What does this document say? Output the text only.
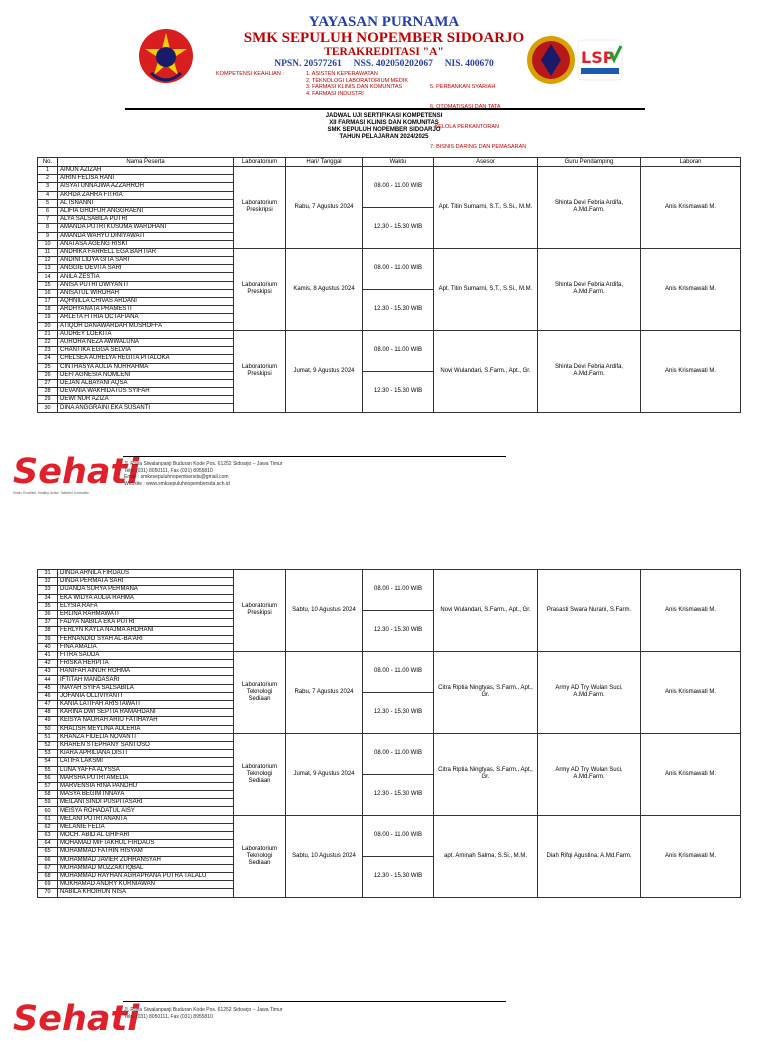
LSP
YAYASAN PURNAMA
SMK SEPULUH NOPEMBER SIDOARJO
TERAKREDITASI "A"
NPSN. 20577261     NSS. 402050202067     NIS. 400670
KOMPETENSI KEAHLIAN :	1. ASISTEN KEPERAWATAN
2. TEKNOLOGI LABORATORIUM MEDIK
3. FARMASI KLINIS DAN KOMUNITAS
4. FARMASI INDUSTRI

5. PERBANKAN SYARIAH

6. OTOMATISASI DAN TATA

KELOLA PERKANTORAN

7. BISNIS DARING DAN PEMASARAN

JADWAL UJI SERTIFIKASI KOMPETENSI
XII FARMASI KLINIS DAN KOMUNITAS
SMK SEPULUH NOPEMBER SIDOARJO
TAHUN PELAJARAN 2024/2025
No.	Nama Peserta	Laboratorium	Hari/ Tanggal	Waktu	Asesor	Guru Pendamping	Laboran
1	AINUN AZIZAH	Laboratorium Preskripsi	Rabu, 7 Agustus 2024	08.00 - 11.00 WIB	Apt. Titin Sumarni, S.T., S.Si., M.M.	Shinta Devi Febria Ardifa, A.Md.Farm.	Anis Krismawati M.
2	AIRIN FELISA RANI						
3	AISYATUNNAJWA AZZAHROH						
4	AKHDA ZAHRA FITRIA						
5	AL ISNANNI						
6	ALIFIA GHOFUR ANGGRAENI			12.30 - 15.30 WIB			
7	ALYA SALSABILA PUTRI						
8	AMANDA PUTRI KUSUMA WARDHANI						
9	AMANDA WAHYU DINIYAWATI						
10	ANATASA AGENG RISKI						
11	ANDHIKA FARRELL EGA BAHTIAR	Laboratorium Preskipsi	Kamis, 8 Agustus 2024	08.00 - 11.00 WIB	Apt. Titin Sumarni, S.T., S.Si., M.M.	Shinta Devi Febria Ardifa, A.Md.Farm.	Anis Krismawati M.
12	ANDINI LIDYA GITA SARI						
13	ANGGIE DEVITA SARI						
14	ANILA ZESTIA						
15	ANISA PUTRI DWIYANTI						
16	ANISATUL WIRDHAH			12.30 - 15.30 WIB			
17	AQHNILLA CHIVAS ARDANI						
18	ARDHYANATA PRAMESTI						
19	ARLETA FITRIA OCTAFIANA						
20	ATIQOH DANAWARDAH MUSHOFFA						
21	AUDREY LOEKITA	Laboratorium Preskipsi	Jumat, 9 Agustus 2024	08.00 - 11.00 WIB	Novi Wulandari, S.Farm., Apt., Gr.	Shinta Devi Febria Ardifa, A.Md.Farm.	Anis Krismawati M.
22	AURORA NEZA AWWALUNA						
23	CHANTIKA EGGA SELVIA						
24	CHELSEA AURELYA REGITA PITALOKA						
25	CINTHASYA AULIA NURRAHMA						
26	DEFI AGNESIA NOMLENI			12.30 - 15.30 WIB			
27	DEJAN ALBAYANI AQSA						
28	DEVANIA WAKHIDATUS SYIFAH						
29	DEWI NUR AZIZA						
30	DINA ANGGRAINI EKA SUSANTI						
Sehati
Smart, Excellent, Healthy, Active, Talented, Innovative
Jl. Raya Siwalanpanji Buduran Kode Pos. 61252 Sidoarjo – Jawa Timur
Telp. (031) 8050111, Fax (031) 8955810
Email : smkesepuluhnopembersda@gmail.com
Website : www.smksepuluhnopembersda.sch.id
31	DINDA ARNILA FIRDAUS	Laboratorium Preskipsi	Sabtu, 10 Agustus 2024	08.00 - 11.00 WIB	Novi Wulandari, S.Farm., Apt., Gr.	Prasasti Swara Nurani, S.Farm.	Anis Krismawati M.
32	DINDA PERMATA SARI						
33	DUANDA SURYA PERMANA						
34	EKA WIDYA AULIA RAHMA						
35	ELYSIA RAFA						
36	ERLINA RAHMAWATI			12.30 - 15.30 WIB			
37	FADYA NABILA EKA PUTRI						
38	FERLYN KAYLA NAJMA ARDHANI						
39	FERNANDIO SYAH AL-BA'ARI						
40	FINA AMALIA						
41	FITRA SAUDA	Laboratorium Teknologi Sediaan	Rabu, 7 Agustus 2024	08.00 - 11.00 WIB	Citra Riptia Ningtyas, S.Farm., Apt., Gr.	Army AD Try Wulan Suci, A.Md.Farm.	Anis Krismawati M.
42	FRISKA HERPITA						
43	HANIFAH AINUR ROHMA						
44	IFTITAH MANDASARI						
45	INAYAH SYIFA SALSABILA						
46	JOFANIA OLLIVIYANTI			12.30 - 15.30 WIB			
47	KANIA LATIFAH ARISTAWATI						
48	KARINA DWI SEPTIA RAMAHDANI						
49	KEISYA NAURAH ARIIJ FATIHAYAH						
50	KHALISH MEYLINA ADLERIA						
51	KHANZA FIDELIA NOVANTI	Laboratorium Teknologi Sediaan	Jumat, 9 Agustus 2024	08.00 - 11.00 WIB	Citra Riptia Ningtyas, S.Farm., Apt., Gr.	Army AD Try Wulan Suci, A.Md.Farm.	Anis Krismawati M.
52	KHAREN STEPHANY SANTOSO						
53	KIARA APRILIANA DISTI						
54	LATIFA LAKSMI						
55	LUNA YAFFA ALYSSA						
56	MARSHA PUTRI AMELIA			12.30 - 15.30 WIB			
57	MARVENSIA RINA PANDHU						
58	MASYA BEGIM INNAYA						
59	MEILANI SINDI PUSPITASARI						
60	MEISYA ROHADATUL AISY						
61	MELANI PUTRI ANANTA	Laboratorium Teknologi Sediaan	Sabtu, 10 Agustus 2024	08.00 - 11.00 WIB	apt. Aminah Salma, S.Si., M.M.	Diah Rifqi Agustina, A.Md.Farm.	Anis Krismawati M.
62	MELANIE FELIA						
63	MOCH. ABID AL GHIFARI						
64	MOHAMAD MIFTAKHUL FIRDAUS						
65	MUHAMMAD FATHIN HISYAM						
66	MUHAMMAD JAVIER ZUHRANSYAH			12.30 - 15.30 WIB			
67	MUHAMMAD MUZZAKI IQBAL						
68	MUHAMMAD RAYHAN AGRAPRANA PUTRA TALALU						
69	MUKHAMAD ANDRY KURNIAWAN						
70	NABILA KHOIRUN NISA						
Sehati
Jl. Raya Siwalanpanji Buduran Kode Pos. 61252 Sidoarjo – Jawa Timur
Telp. (031) 8050111, Fax (031) 8955810
